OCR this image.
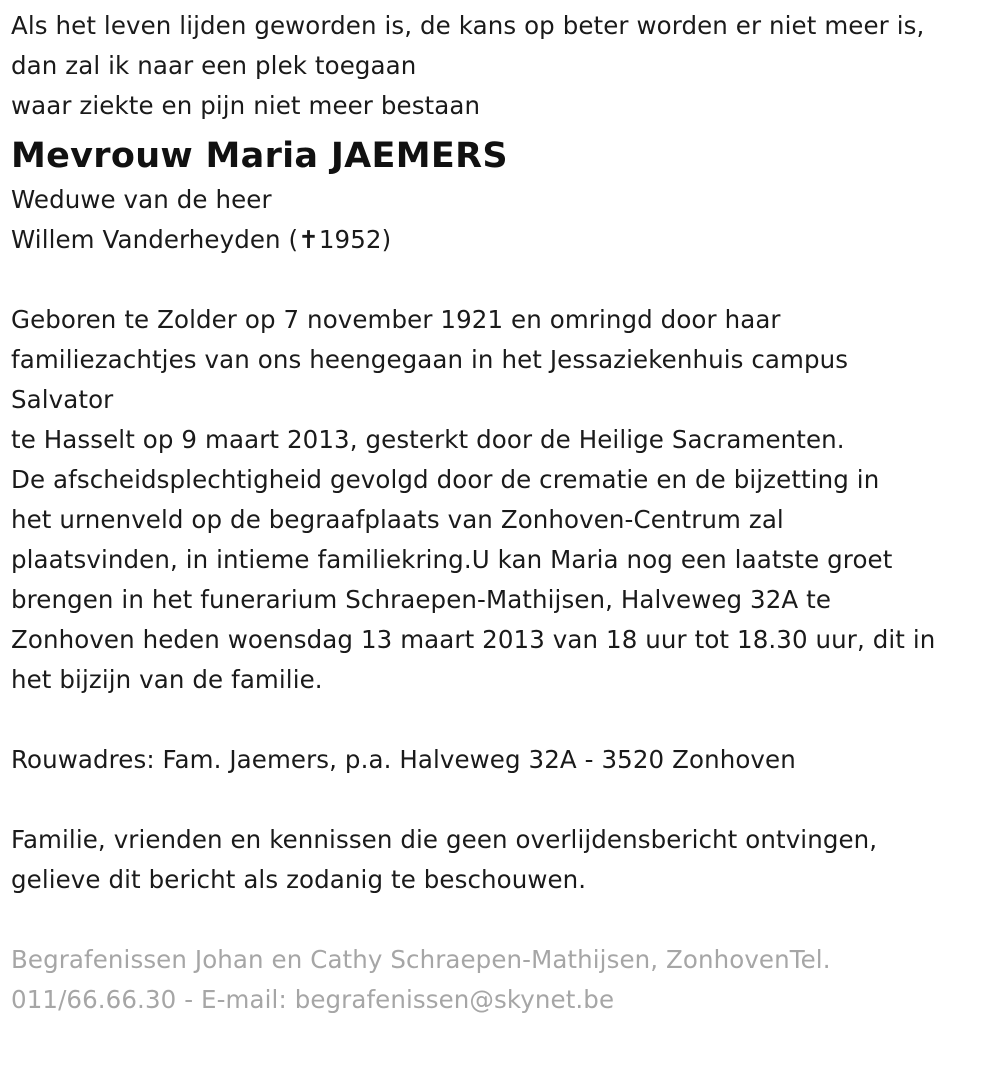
Als het leven lijden geworden is, de kans op beter worden er niet meer is,
dan zal ik naar een plek toegaan
waar ziekte en pijn niet meer bestaan
Mevrouw Maria JAEMERS
Weduwe van de heer
Willem Vanderheyden (✝1952)
Geboren te Zolder op 7 november 1921 en omringd door haar
familiezachtjes van ons heengegaan in het Jessaziekenhuis campus
Salvator
te Hasselt op 9 maart 2013, gesterkt door de Heilige Sacramenten.
De afscheidsplechtigheid gevolgd door de crematie en de bijzetting in
het urnenveld op de begraafplaats van Zonhoven-Centrum zal
plaatsvinden, in intieme familiekring.U kan Maria nog een laatste groet
brengen in het funerarium Schraepen-Mathijsen, Halveweg 32A te
Zonhoven heden woensdag 13 maart 2013 van 18 uur tot 18.30 uur, dit in
het bijzijn van de familie.
Rouwadres: Fam. Jaemers, p.a. Halveweg 32A - 3520 Zonhoven
Familie, vrienden en kennissen die geen overlijdensbericht ontvingen,
gelieve dit bericht als zodanig te beschouwen.
Begrafenissen Johan en Cathy Schraepen-Mathijsen, ZonhovenTel.
011/66.66.30 - E-mail: begrafenissen@skynet.be
